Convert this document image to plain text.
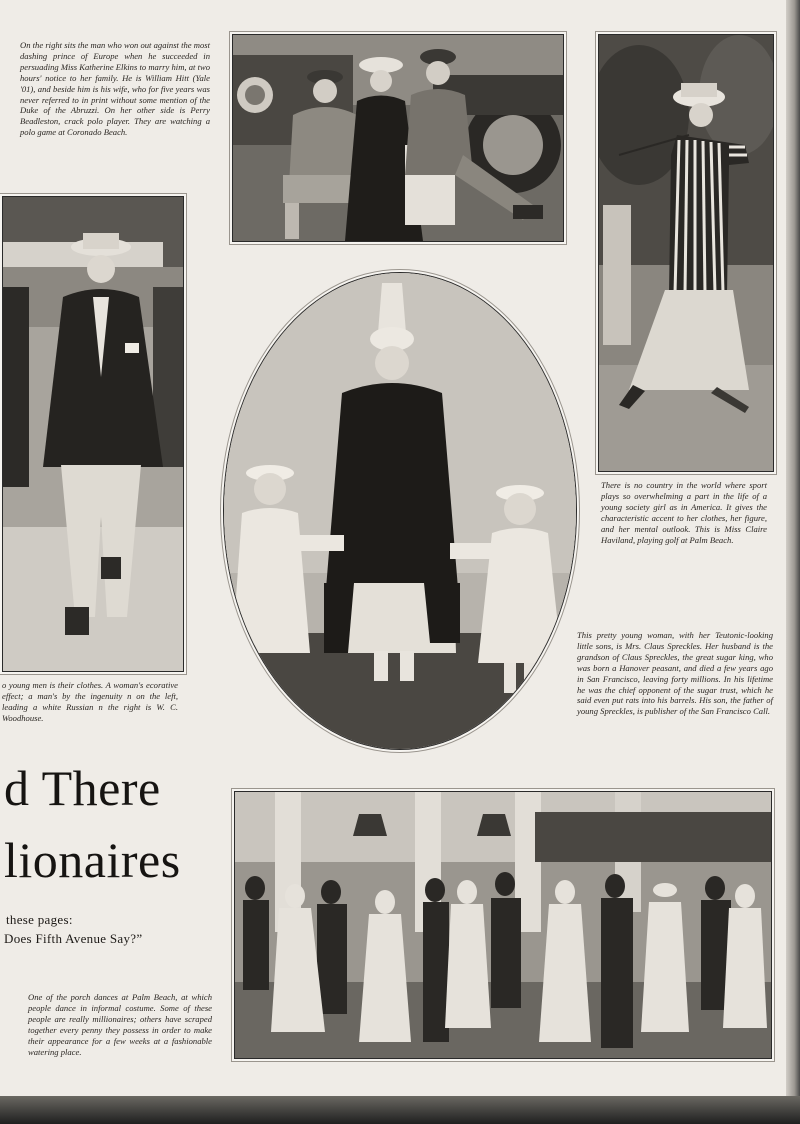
On the right sits the man who won out against the most dashing prince of Europe when he succeeded in persuading Miss Katherine Elkins to marry him, at two hours' notice to her family. He is William Hitt (Yale '01), and beside him is his wife, who for five years was never referred to in print without some mention of the Duke of the Abruzzi. On her other side is Perry Beadleston, crack polo player. They are watching a polo game at Coronado Beach.
o young men is their clothes. A woman's ecorative effect; a man's by the ingenuity n on the left, leading a white Russian n the right is W. C. Woodhouse.
There is no country in the world where sport plays so overwhelming a part in the life of a young society girl as in America. It gives the characteristic accent to her clothes, her figure, and her mental outlook. This is Miss Claire Haviland, playing golf at Palm Beach.
This pretty young woman, with her Teutonic-looking little sons, is Mrs. Claus Spreckles. Her husband is the grandson of Claus Spreckles, the great sugar king, who was born a Hanover peasant, and died a few years ago in San Francisco, leaving forty millions. In his lifetime he was the chief opponent of the sugar trust, which he said even put rats into his barrels. His son, the father of young Spreckles, is publisher of the San Francisco Call.
d There
lionaires
these pages:
Does Fifth Avenue Say?”
One of the porch dances at Palm Beach, at which people dance in informal costume. Some of these people are really millionaires; others have scraped together every penny they possess in order to make their appearance for a few weeks at a fashionable watering place.
